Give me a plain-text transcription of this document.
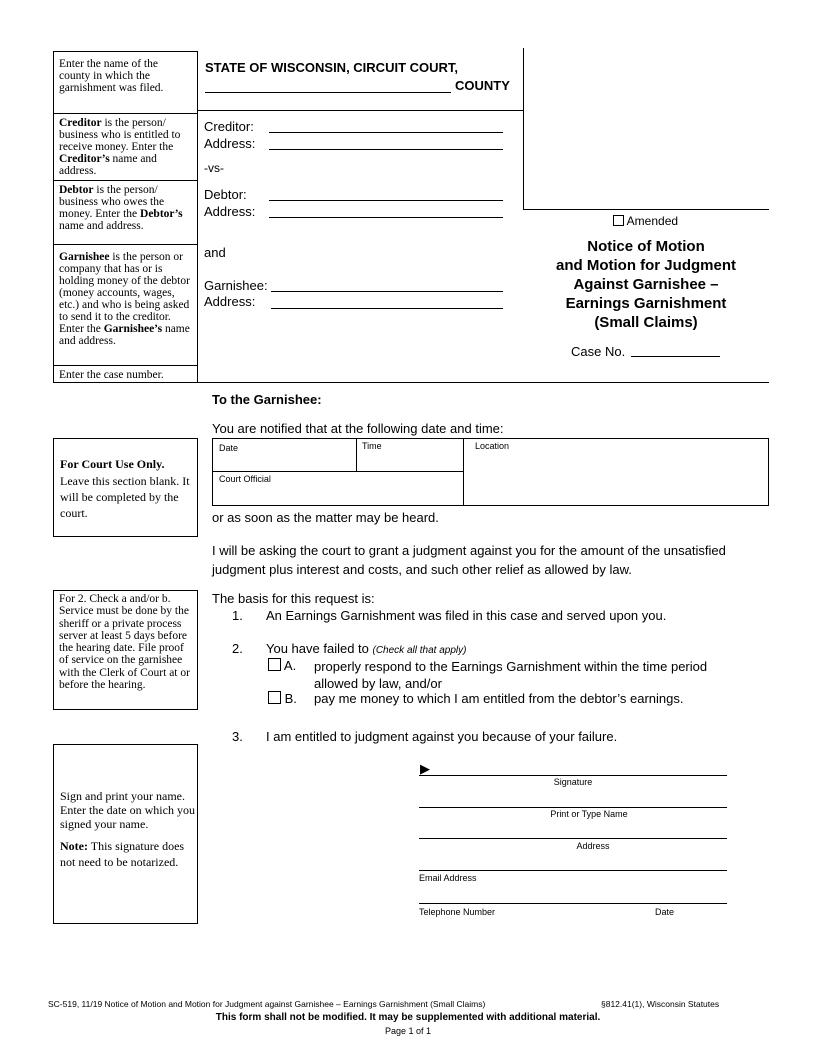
Enter the name of the county in which the garnishment was filed.
Creditor is the person/ business who is entitled to receive money. Enter the Creditor’s name and address.
Debtor is the person/ business who owes the money. Enter the Debtor’s name and address.
Garnishee is the person or company that has or is holding money of the debtor (money accounts, wages, etc.) and who is being asked to send it to the creditor. Enter the Garnishee’s name and address.
Enter the case number.
STATE OF WISCONSIN, CIRCUIT COURT,
COUNTY
Creditor:
Address:
-vs-
Debtor:
Address:
and
Garnishee:
Address:
Amended
Notice of Motion
and Motion for Judgment
Against Garnishee –
Earnings Garnishment
(Small Claims)
Case No.
To the Garnishee:
You are notified that at the following date and time:
For Court Use Only.
Leave this section blank. It will be completed by the court.
Date	Time	Location
Court Official
or as soon as the matter may be heard.
I will be asking the court to grant a judgment against you for the amount of the unsatisfied
judgment plus interest and costs, and such other relief as allowed by law.
For 2. Check a and/or b. Service must be done by the sheriff or a private process server at least 5 days before the hearing date. File proof of service on the garnishee with the Clerk of Court at or before the hearing.
The basis for this request is:
1. An Earnings Garnishment was filed in this case and served upon you.
2. You have failed to (Check all that apply)
A. properly respond to the Earnings Garnishment within the time period
allowed by law, and/or
B. pay me money to which I am entitled from the debtor’s earnings.
3. I am entitled to judgment against you because of your failure.
Sign and print your name. Enter the date on which you signed your name.
Note: This signature does not need to be notarized.
▶
Signature
Print or Type Name
Address
Email Address
Telephone Number	Date
SC-519, 11/19 Notice of Motion and Motion for Judgment against Garnishee – Earnings Garnishment (Small Claims)	§812.41(1), Wisconsin Statutes
This form shall not be modified. It may be supplemented with additional material.
Page 1 of 1
